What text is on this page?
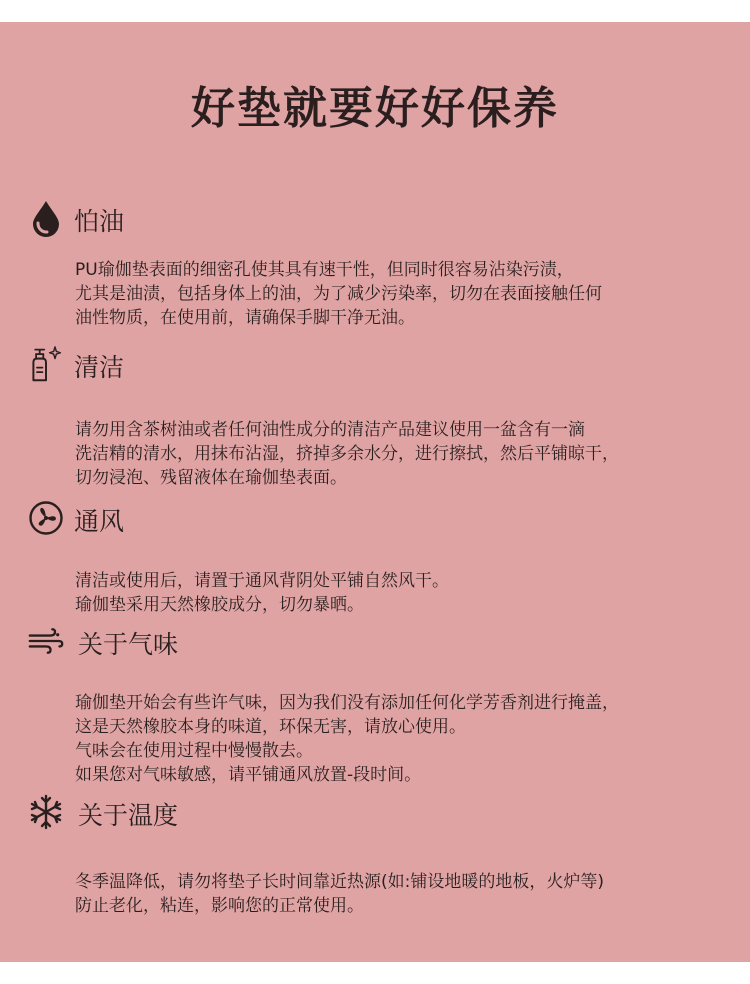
好垫就要好好保养
怕油
PU瑜伽垫表面的细密孔使其具有速干性，但同时很容易沾染污渍，
尤其是油渍，包括身体上的油，为了减少污染率，切勿在表面接触任何
油性物质，在使用前，请确保手脚干净无油。
清洁
请勿用含茶树油或者任何油性成分的清洁产品建议使用一盆含有一滴
洗洁精的清水，用抹布沾湿，挤掉多余水分，进行擦拭，然后平铺晾干，
切勿浸泡、残留液体在瑜伽垫表面。
通风
清洁或使用后，请置于通风背阴处平铺自然风干。
瑜伽垫采用天然橡胶成分，切勿暴晒。
关于气味
瑜伽垫开始会有些许气味，因为我们没有添加任何化学芳香剂进行掩盖，
这是天然橡胶本身的味道，环保无害，请放心使用。
气味会在使用过程中慢慢散去。
如果您对气味敏感，请平铺通风放置-段时间。
关于温度
冬季温降低，请勿将垫子长时间靠近热源(如:铺设地暖的地板，火炉等)
防止老化，粘连，影响您的正常使用。
